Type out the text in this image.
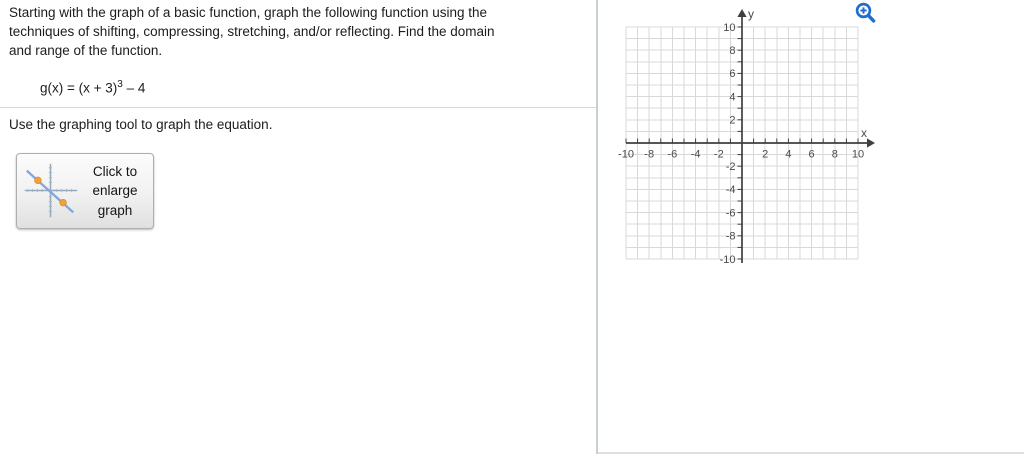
Starting with the graph of a basic function, graph the following function using the
techniques of shifting, compressing, stretching, and/or reflecting. Find the domain
and range of the function.
$g(x) = (x + 3)^3 - 4$
Use the graphing tool to graph the equation.
Click to
enlarge
graph
-10 -8 -6 -4 -2	2 4 6 8 10
10
8
6
4
2
-2
-4
-6
-8
-10
x
y
